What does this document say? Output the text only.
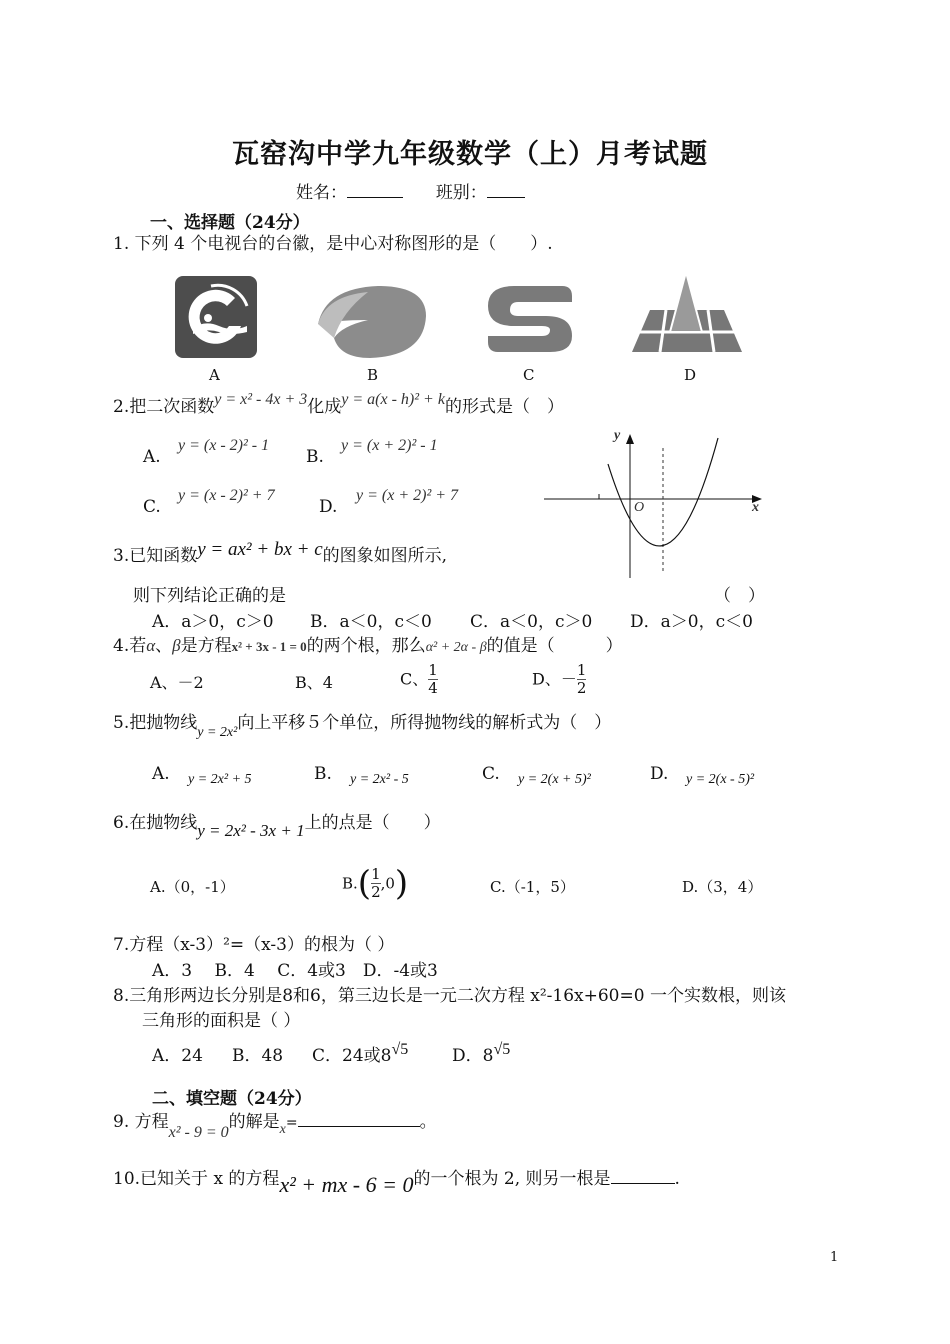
瓦窑沟中学九年级数学（上）月考试题
姓名：	班别：
一、选择题（24分）
1. 下列 4 个电视台的台徽，是中心对称图形的是（　　）.
A	B	C	D
2.把二次函数y = x² - 4x + 3化成y = a(x - h)² + k的形式是（　）
A.
y = (x - 2)² - 1
B.
y = (x + 2)² - 1
C.
y = (x - 2)² + 7
D.
y = (x + 2)² + 7
y
x
O
3.已知函数y = ax² + bx + c的图象如图所示,
则下列结论正确的是	（　）
A．a＞0，c＞0 B．a＜0，c＜0 C．a＜0，c＞0 D．a＞0，c＜0
4.若α、β是方程x² + 3x - 1 = 0的两个根，那么α² + 2α - β的值是（　　　）
A、－2	B、4	C、 $\frac{1}{4}$	D、－ $\frac{1}{2}$
5.把抛物线$_{y = 2x^2}$向上平移５个单位，所得抛物线的解析式为（　）
A. y = 2x² + 5	B. y = 2x² - 5	C. y = 2(x + 5)²	D. y = 2(x - 5)²
6.在抛物线y = 2x² - 3x + 1上的点是（　　）
A.（0，-1）	$B.( \frac{1}{2} ,0)$	C.（-1，5）	D.（3，4）
7.方程（x-3）²=（x-3）的根为（ ）
A．3　 B．4　 C．4或3　D．-4或3
8.三角形两边长分别是8和6，第三边长是一元二次方程 x²-16x+60=0 一个实数根，则该
三角形的面积是（ ）
A．24 B．48 C．24或8√5	D．8√5
二、填空题（24分）
9. 方程x² - 9 = 0的解是$_x$=	。
10.已知关于 x 的方程x² + mx - 6 = 0的一个根为 2, 则另一根是	.
1
